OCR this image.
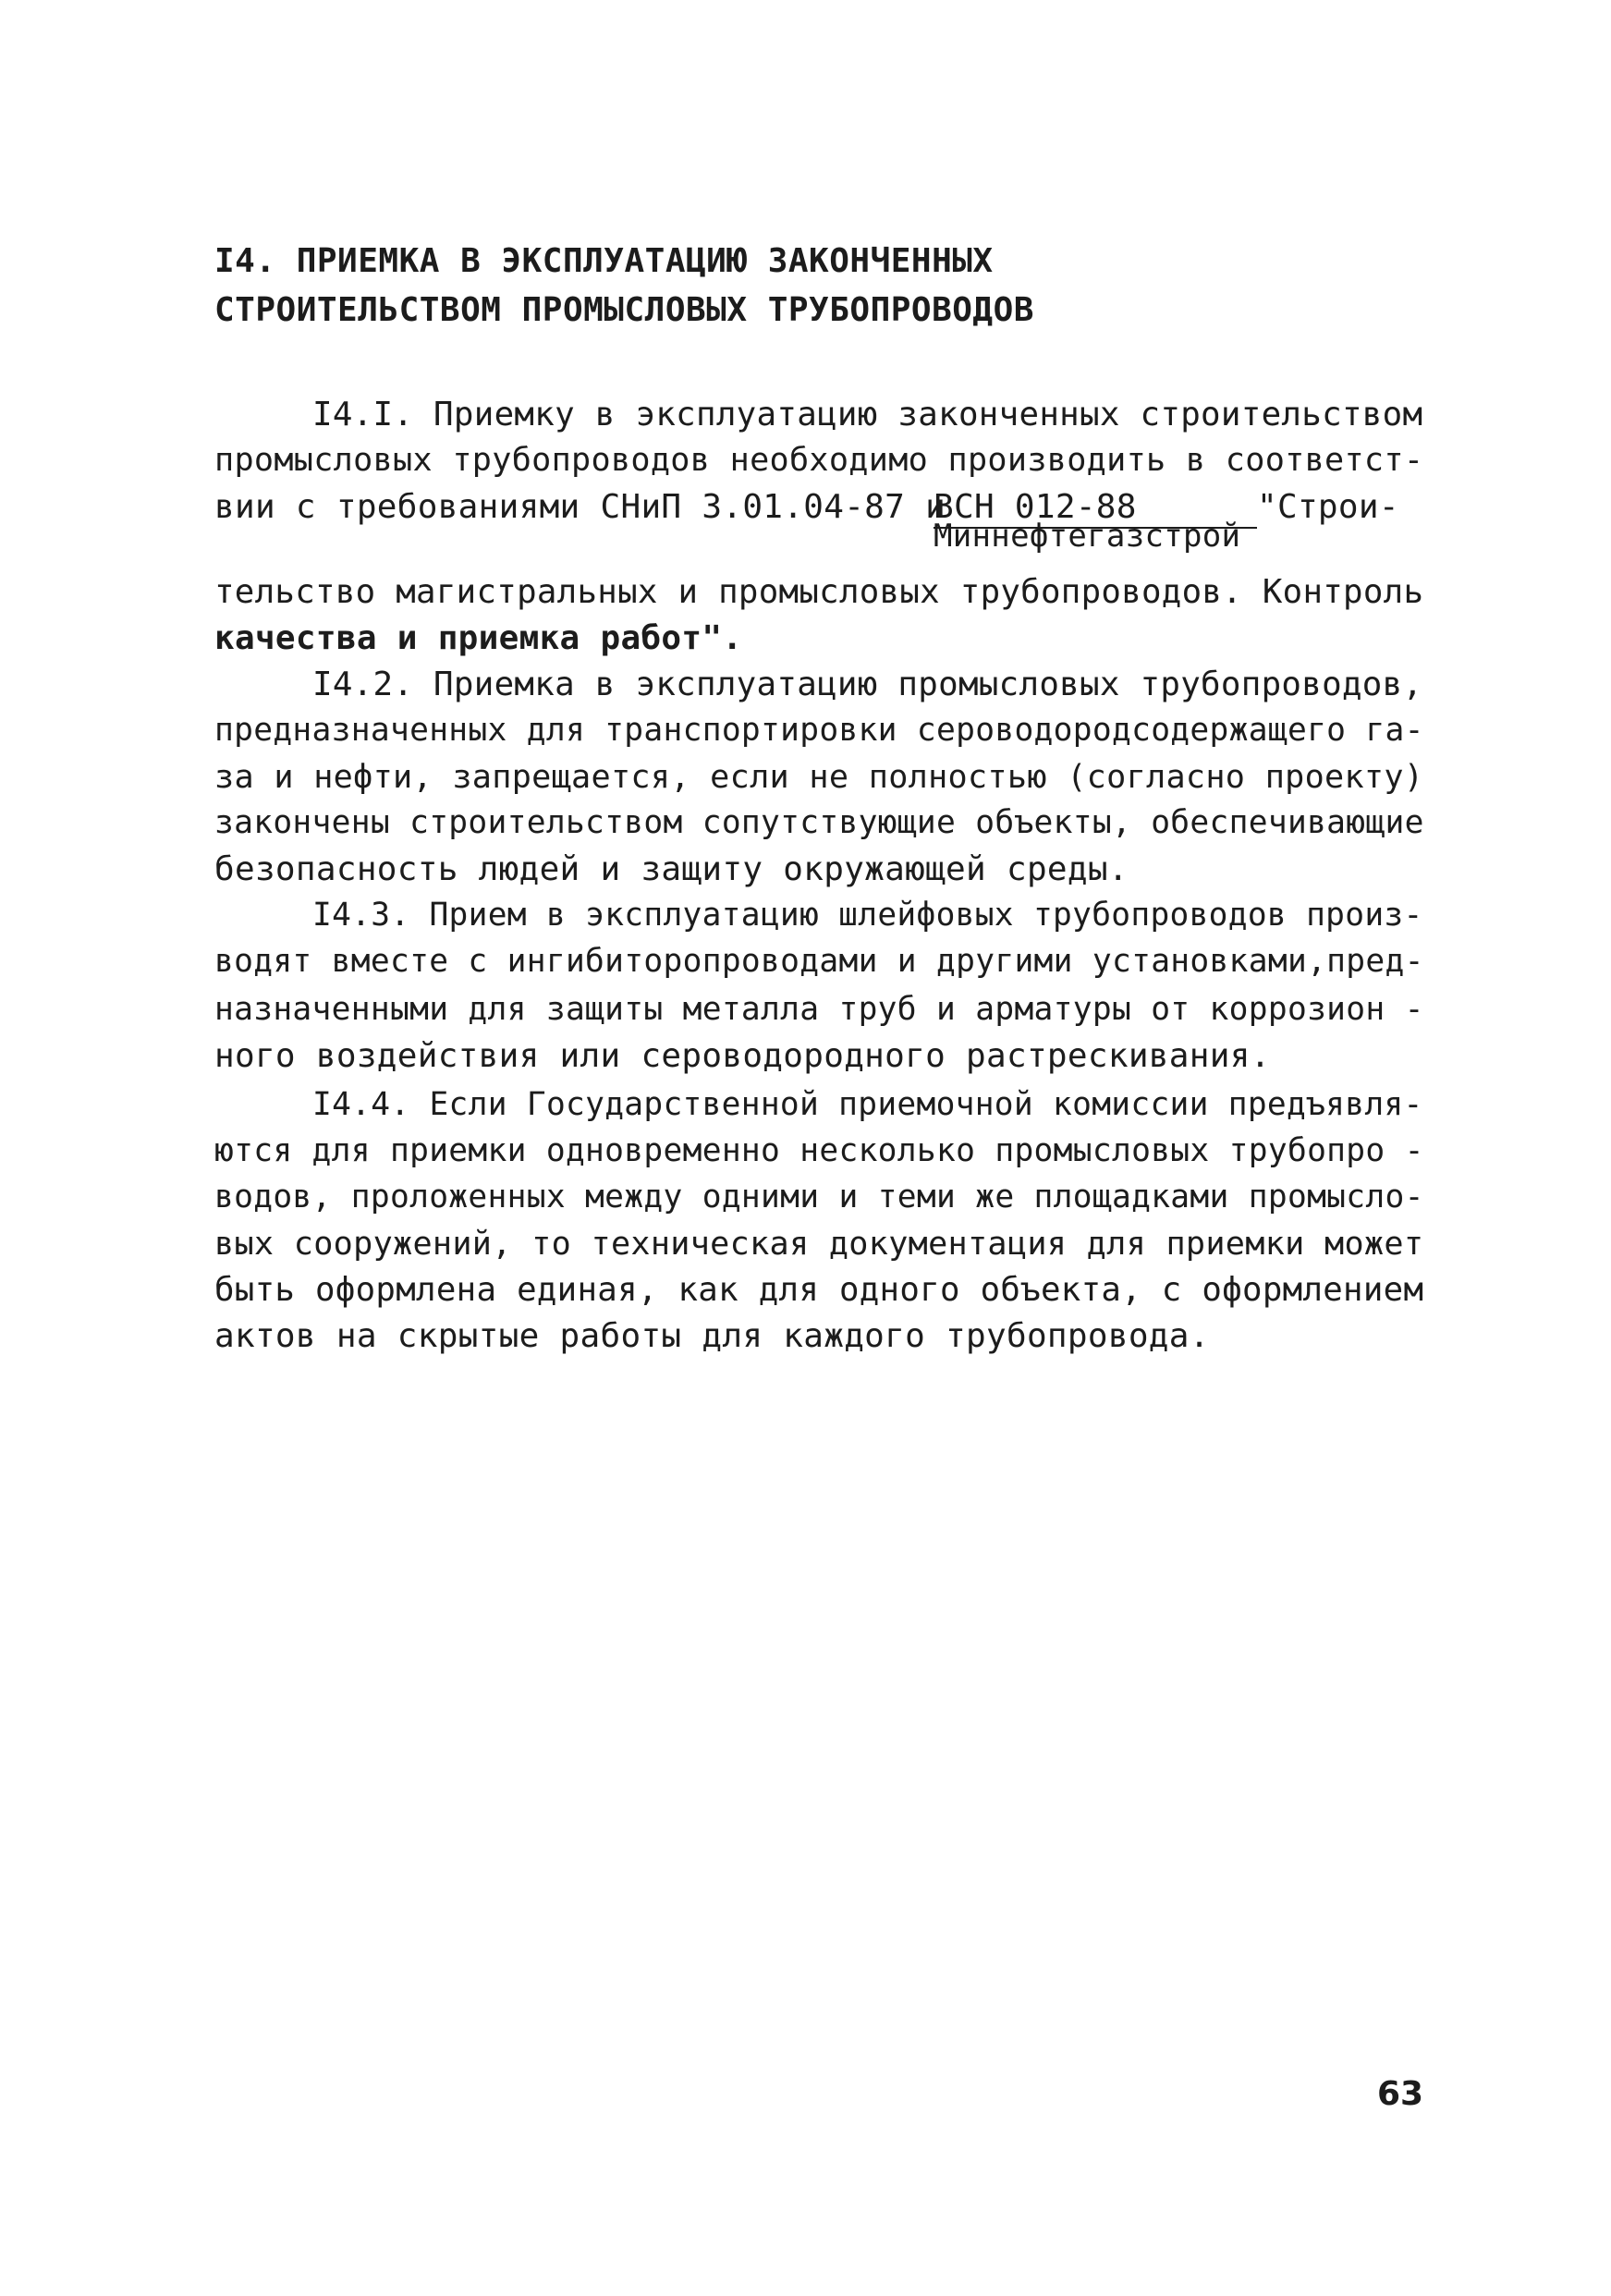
I4. ПРИЕМКА В ЭКСПЛУАТАЦИЮ ЗАКОНЧЕННЫХ
СТРОИТЕЛЬСТВОМ ПРОМЫСЛОВЫХ ТРУБОПРОВОДОВ
I4.I. Приемку в эксплуатацию законченных строительством
промысловых трубопроводов необходимо производить в соответст-
вии с требованиями СНиП 3.01.04-87 и
ВСН 012-88	"Строи-
Миннефтегазстрой
тельство магистральных и промысловых трубопроводов. Контроль
качества и приемка работ".
I4.2. Приемка в эксплуатацию промысловых трубопроводов,
предназначенных для транспортировки сероводородсодержащего га-
за и нефти, запрещается, если не полностью (согласно проекту)
закончены строительством сопутствующие объекты, обеспечивающие
безопасность людей и защиту окружающей среды.
I4.3. Прием в эксплуатацию шлейфовых трубопроводов произ-
водят вместе с ингибиторопроводами и другими установками,пред-
назначенными для защиты металла труб и арматуры от коррозион -
ного воздействия или сероводородного растрескивания.
I4.4. Если Государственной приемочной комиссии предъявля-
ются для приемки одновременно несколько промысловых трубопро -
водов, проложенных между одними и теми же площадками промысло-
вых сооружений, то техническая документация для приемки может
быть оформлена единая, как для одного объекта, с оформлением
актов на скрытые работы для каждого трубопровода.
63
